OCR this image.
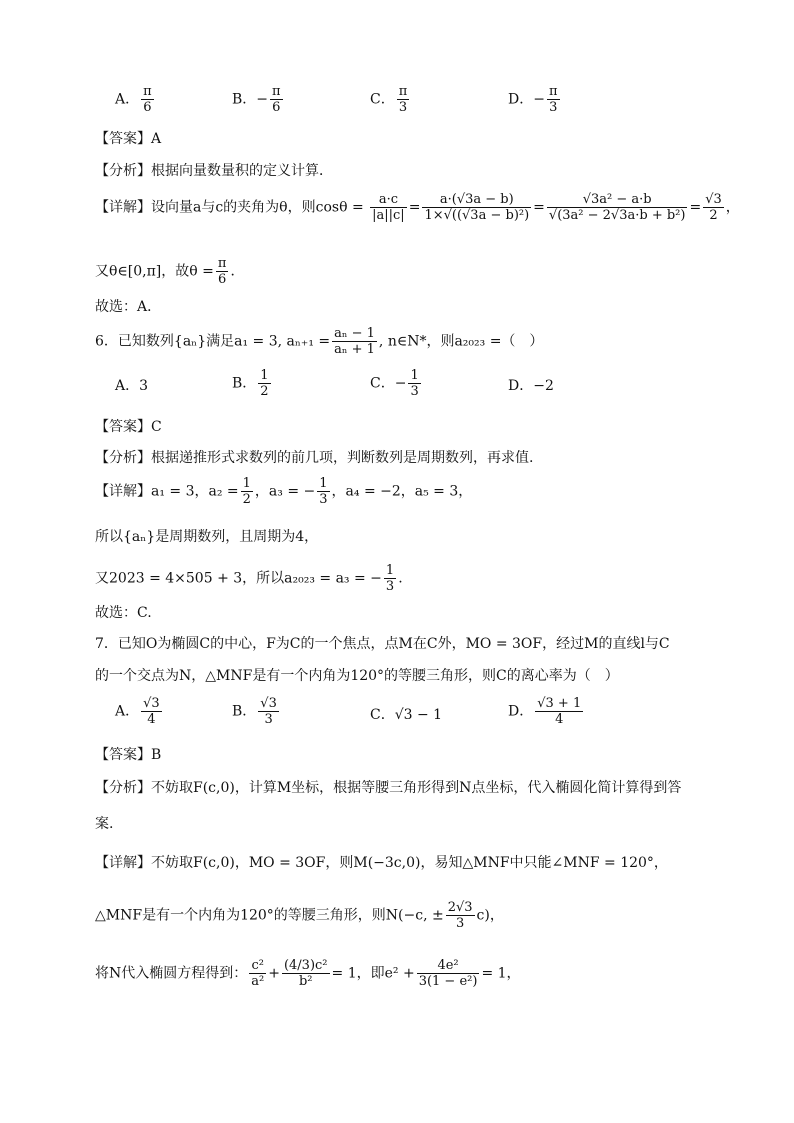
A． $\frac{\pi}{6}$	B．− $\frac{\pi}{6}$	C． $\frac{\pi}{3}$	D．− $\frac{\pi}{3}$
【答案】A
【分析】根据向量数量积的定义计算．
【详解】设向量a与c的夹角为θ，则$\cos\theta = \frac{a\cdot c}{|a||c|} = \frac{a\cdot(√3a - b)}{\text{1×√((√3a − b)²)}} = \frac{\text{√3a² − a·b}}{\text{√(3a² − 2√3a·b + b²)}} = \frac{√3}{2}$ ，
又θ∈[0,π]，故$\theta = \frac{\pi}{6}$ ．
故选：A．
6．已知数列{aₙ}满足a₁ = 3, $a_{n+1} = \frac{\text{aₙ − 1}}{\text{aₙ + 1}}$ , n∈N*，则a₂₀₂₃ =（　）
A．3	B． $\frac{1}{2}$	C．− $\frac{1}{3}$	D．−2
【答案】C
【分析】根据递推形式求数列的前几项，判断数列是周期数列，再求值.
【详解】a₁ = 3，$a_2 = \frac{1}{2}$ ，a₃ = − $\frac{1}{3}$ ，a₄ = −2，a₅ = 3，
所以{aₙ}是周期数列，且周期为4，
又2023 = 4×505 + 3，所以a₂₀₂₃ = a₃ = − $\frac{1}{3}$ .
故选：C.
7．已知O为椭圆C的中心，F为C的一个焦点，点M在C外，MO = 3OF，经过M的直线l与C
的一个交点为N，△MNF是有一个内角为120°的等腰三角形，则C的离心率为（　）
A． $\frac{√3}{4}$	B． $\frac{√3}{3}$	C．√3 − 1	D． $\frac{√3 + 1}{4}$
【答案】B
【分析】不妨取F(c,0)，计算M坐标，根据等腰三角形得到N点坐标，代入椭圆化简计算得到答
案.
【详解】不妨取F(c,0)，MO = 3OF，则M(−3c,0)，易知△MNF中只能∠MNF = 120°，
△MNF是有一个内角为120°的等腰三角形，则N(−c, ± $\frac{2√3}{3} c$)，
将N代入椭圆方程得到： $\frac{\text{c²}}{\text{a²}} + \frac{\text{(4/3)c²}}{\text{b²}} = 1$，即$e^2 + \frac{\text{4e²}}{\text{3(1 − e²)}} = 1$，
